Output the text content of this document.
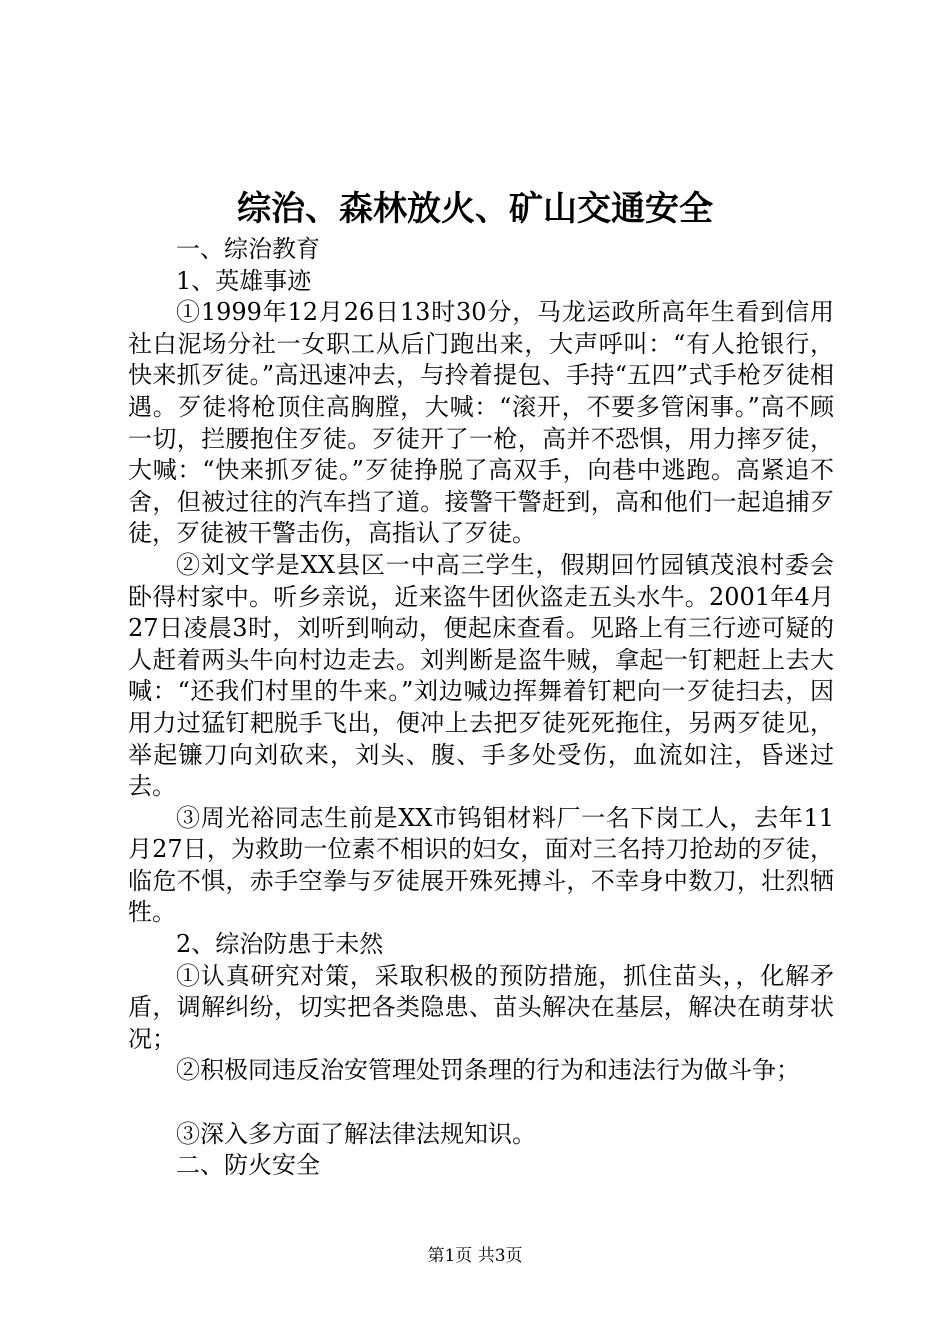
综治、森林放火、矿山交通安全

一、综治教育

1、英雄事迹

①1999年12月26日13时30分，马龙运政所高年生看到信用社白泥场分社一女职工从后门跑出来，大声呼叫：“有人抢银行，快来抓歹徒。”高迅速冲去，与拎着提包、手持“五四”式手枪歹徒相遇。歹徒将枪顶住高胸膛，大喊：“滚开，不要多管闲事。”高不顾一切，拦腰抱住歹徒。歹徒开了一枪，高并不恐惧，用力摔歹徒，大喊：“快来抓歹徒。”歹徒挣脱了高双手，向巷中逃跑。高紧追不舍，但被过往的汽车挡了道。接警干警赶到，高和他们一起追捕歹徒，歹徒被干警击伤，高指认了歹徒。

②刘文学是XX县区一中高三学生，假期回竹园镇茂浪村委会卧得村家中。听乡亲说，近来盗牛团伙盗走五头水牛。2001年4月27日凌晨3时，刘听到响动，便起床查看。见路上有三行迹可疑的人赶着两头牛向村边走去。刘判断是盗牛贼，拿起一钉耙赶上去大喊：“还我们村里的牛来。”刘边喊边挥舞着钉耙向一歹徒扫去，因用力过猛钉耙脱手飞出，便冲上去把歹徒死死拖住，另两歹徒见，举起镰刀向刘砍来，刘头、腹、手多处受伤，血流如注，昏迷过去。

③周光裕同志生前是XX市钨钼材料厂一名下岗工人，去年11月27日，为救助一位素不相识的妇女，面对三名持刀抢劫的歹徒，临危不惧，赤手空拳与歹徒展开殊死搏斗，不幸身中数刀，壮烈牺牲。

2、综治防患于未然

①认真研究对策，采取积极的预防措施，抓住苗头，，化解矛盾，调解纠纷，切实把各类隐患、苗头解决在基层，解决在萌芽状况；

②积极同违反治安管理处罚条理的行为和违法行为做斗争；

③深入多方面了解法律法规知识。

二、防火安全

第1页 共3页
